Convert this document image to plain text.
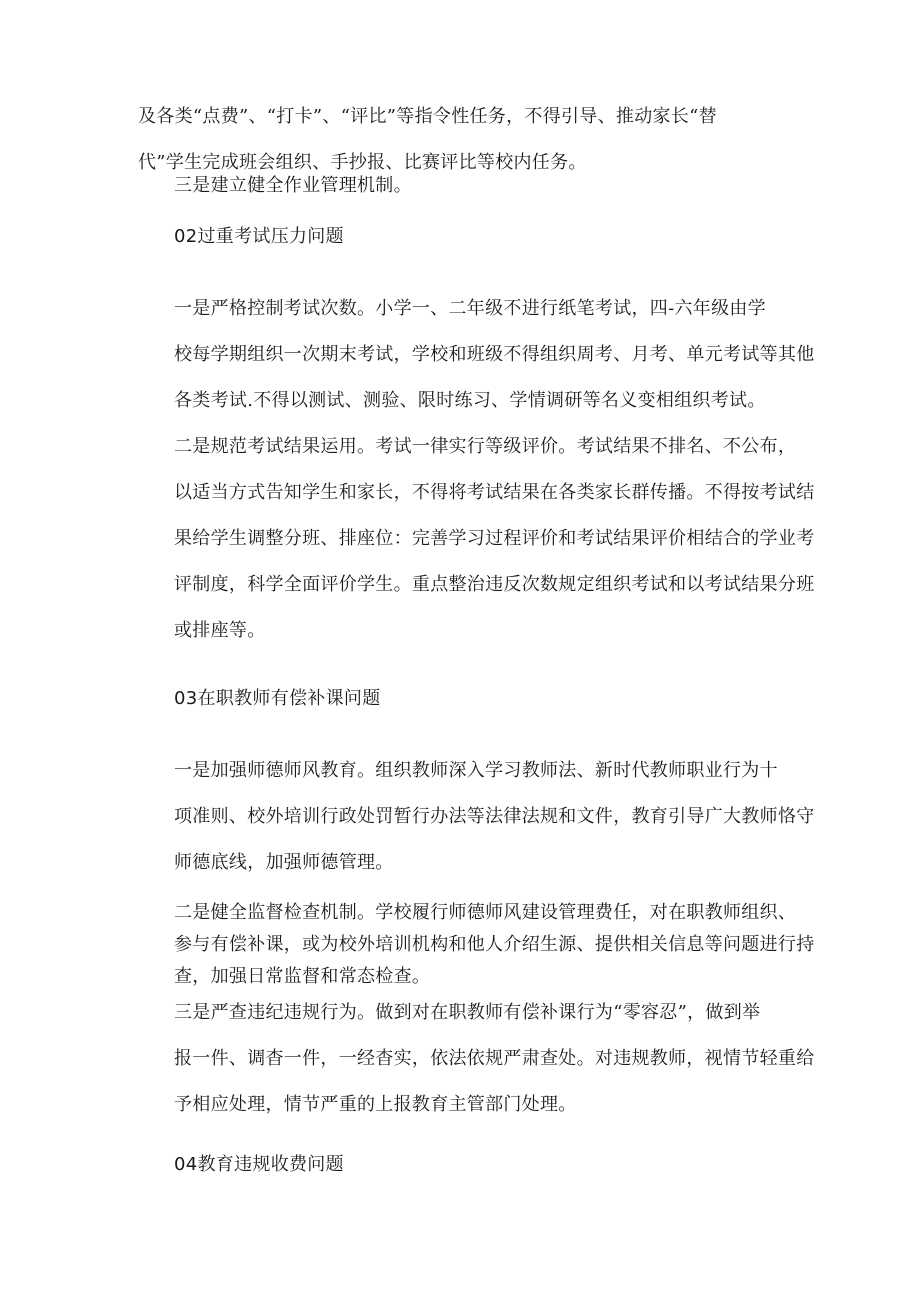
及各类“点费”、“打卡”、“评比”等指令性任务，不得引导、推动家长“替
代”学生完成班会组织、手抄报、比赛评比等校内任务。

三是建立健全作业管理机制。

02过重考试压力问题

一是严格控制考试次数。小学一、二年级不进行纸笔考试，四-六年级由学
校每学期组织一次期末考试，学校和班级不得组织周考、月考、单元考试等其他
各类考试.不得以测试、测验、限时练习、学情调研等名义变相组织考试。

二是规范考试结果运用。考试一律实行等级评价。考试结果不排名、不公布，
以适当方式告知学生和家长，不得将考试结果在各类家长群传播。不得按考试结
果给学生调整分班、排座位：完善学习过程评价和考试结果评价相结合的学业考
评制度，科学全面评价学生。重点整治违反次数规定组织考试和以考试结果分班
或排座等。

03在职教师有偿补课问题

一是加强师德师风教育。组织教师深入学习教师法、新时代教师职业行为十
项准则、校外培训行政处罚暂行办法等法律法规和文件，教育引导广大教师恪守
师德底线，加强师德管理。

二是健全监督检查机制。学校履行师德师风建设管理费任，对在职教师组织、
参与有偿补课，或为校外培训机构和他人介绍生源、提供相关信息等问题进行持
查，加强日常监督和常态检查。

三是严查违纪违规行为。做到对在职教师有偿补课行为“零容忍”，做到举
报一件、调杳一件，一经杳实，依法依规严肃查处。对违规教师，视情节轻重给
予相应处理，情节严重的上报教育主管部门处理。

04教育违规收费问题
